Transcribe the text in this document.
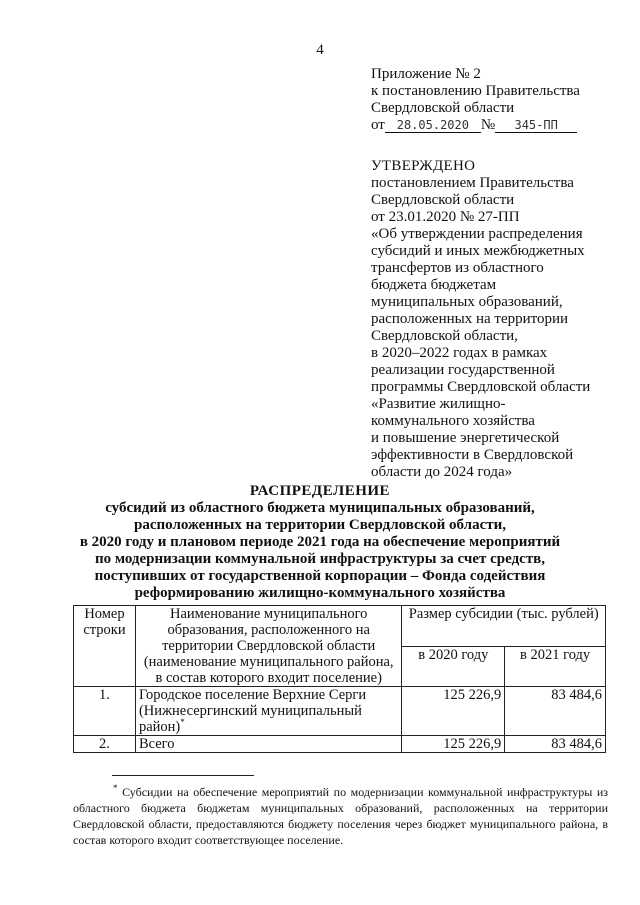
4
Приложение № 2
к постановлению Правительства
Свердловской области
от 28.05.2020 № 345-ПП
УТВЕРЖДЕНО
постановлением Правительства
Свердловской области
от 23.01.2020 № 27-ПП
«Об утверждении распределения
субсидий и иных межбюджетных
трансфертов из областного
бюджета бюджетам
муниципальных образований,
расположенных на территории
Свердловской области,
в 2020–2022 годах в рамках
реализации государственной
программы Свердловской области
«Развитие жилищно-
коммунального хозяйства
и повышение энергетической
эффективности в Свердловской
области до 2024 года»
РАСПРЕДЕЛЕНИЕ
субсидий из областного бюджета муниципальных образований,
расположенных на территории Свердловской области,
в 2020 году и плановом периоде 2021 года на обеспечение мероприятий
по модернизации коммунальной инфраструктуры за счет средств,
поступивших от государственной корпорации – Фонда содействия
реформированию жилищно-коммунального хозяйства
Номер строки	Наименование муниципального образования, расположенного на территории Свердловской области (наименование муниципального района, в состав которого входит поселение)	Размер субсидии (тыс. рублей)	
		в 2020 году	в 2021 году
1.	Городское поселение Верхние Серги (Нижнесергинский муниципальный район)*	125 226,9	83 484,6
2.	Всего	125 226,9	83 484,6
* Субсидии на обеспечение мероприятий по модернизации коммунальной инфраструктуры из областного бюджета бюджетам муниципальных образований, расположенных на территории Свердловской области, предоставляются бюджету поселения через бюджет муниципального района, в состав которого входит соответствующее поселение.
